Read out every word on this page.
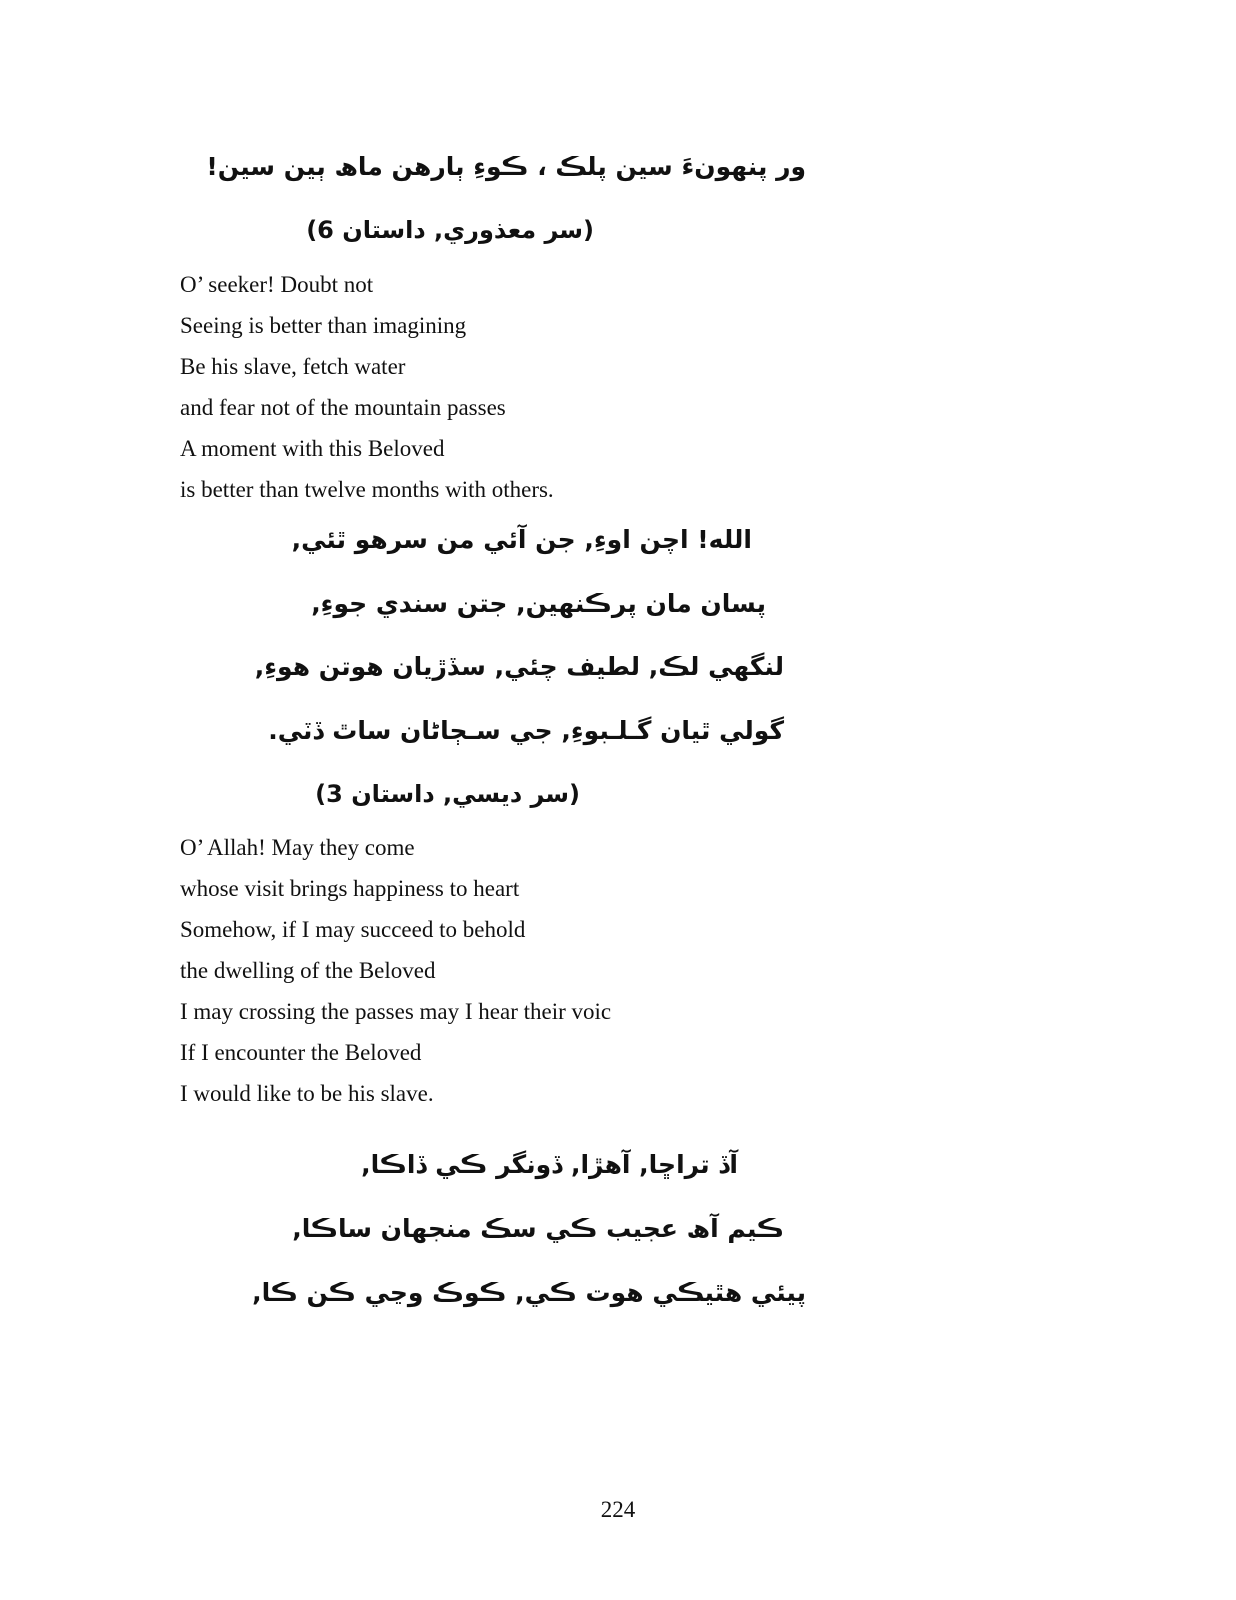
ور پنھونءَ سين پلڪ ، ڪوءِ ٻارھن ماھ ٻين سين!
(سر معذوري, داستان 6)
O’ seeker! Doubt not
Seeing is better than imagining
Be his slave, fetch water
and fear not of the mountain passes
A moment with this Beloved
is better than twelve months with others.
الله! اچن اوءِ, جن آئي من سرھو ٿئي,
پسان مان پرڪنھين, جتن سندي جوءِ,
لنگھي لڪ, لطيف چئي, سڏڙيان ھوتن ھوءِ,
گولي ٿيان گـلـبوءِ, جي سـڄاڻان ساٿ ڏٽي.
(سر ديسي, داستان 3)
O’ Allah! May they come
whose visit brings happiness to heart
Somehow, if I may succeed to behold
the dwelling of the Beloved
I may crossing the passes may I hear their voic
If I encounter the Beloved
I would like to be his slave.
آڏ تراڇا, آھڙا, ڏونگر ڪي ڏاڪا,
ڪيم آھ عجيب ڪي سڪ منجھان ساڪا,
پيئي ھٿيڪي ھوت ڪي, ڪوڪ وڃي ڪن ڪا,
224
